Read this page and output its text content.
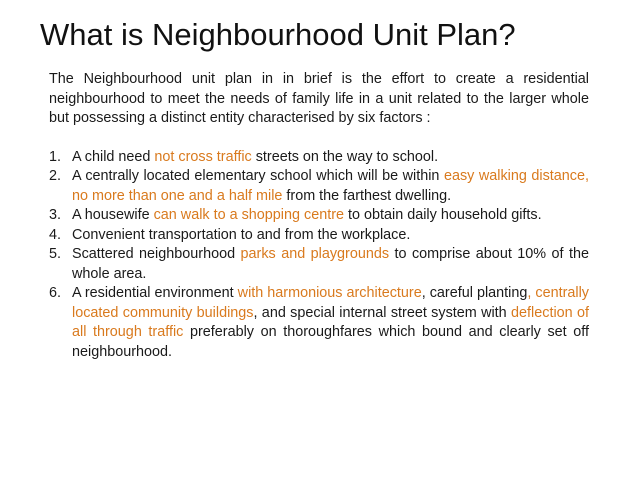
What is Neighbourhood Unit Plan?

The Neighbourhood unit plan in in brief is the effort to create a residential neighbourhood to meet the needs of family life in a unit related to the larger whole but possessing a distinct entity characterised by six factors :

1. A child need not cross traffic streets on the way to school.
2. A centrally located elementary school which will be within easy walking distance, no more than one and a half mile from the farthest dwelling.
3. A housewife can walk to a shopping centre to obtain daily household gifts.
4. Convenient transportation to and from the workplace.
5. Scattered neighbourhood parks and playgrounds to comprise about 10% of the whole area.
6. A residential environment with harmonious architecture, careful planting, centrally located community buildings, and special internal street system with deflection of all through traffic preferably on thoroughfares which bound and clearly set off neighbourhood.
